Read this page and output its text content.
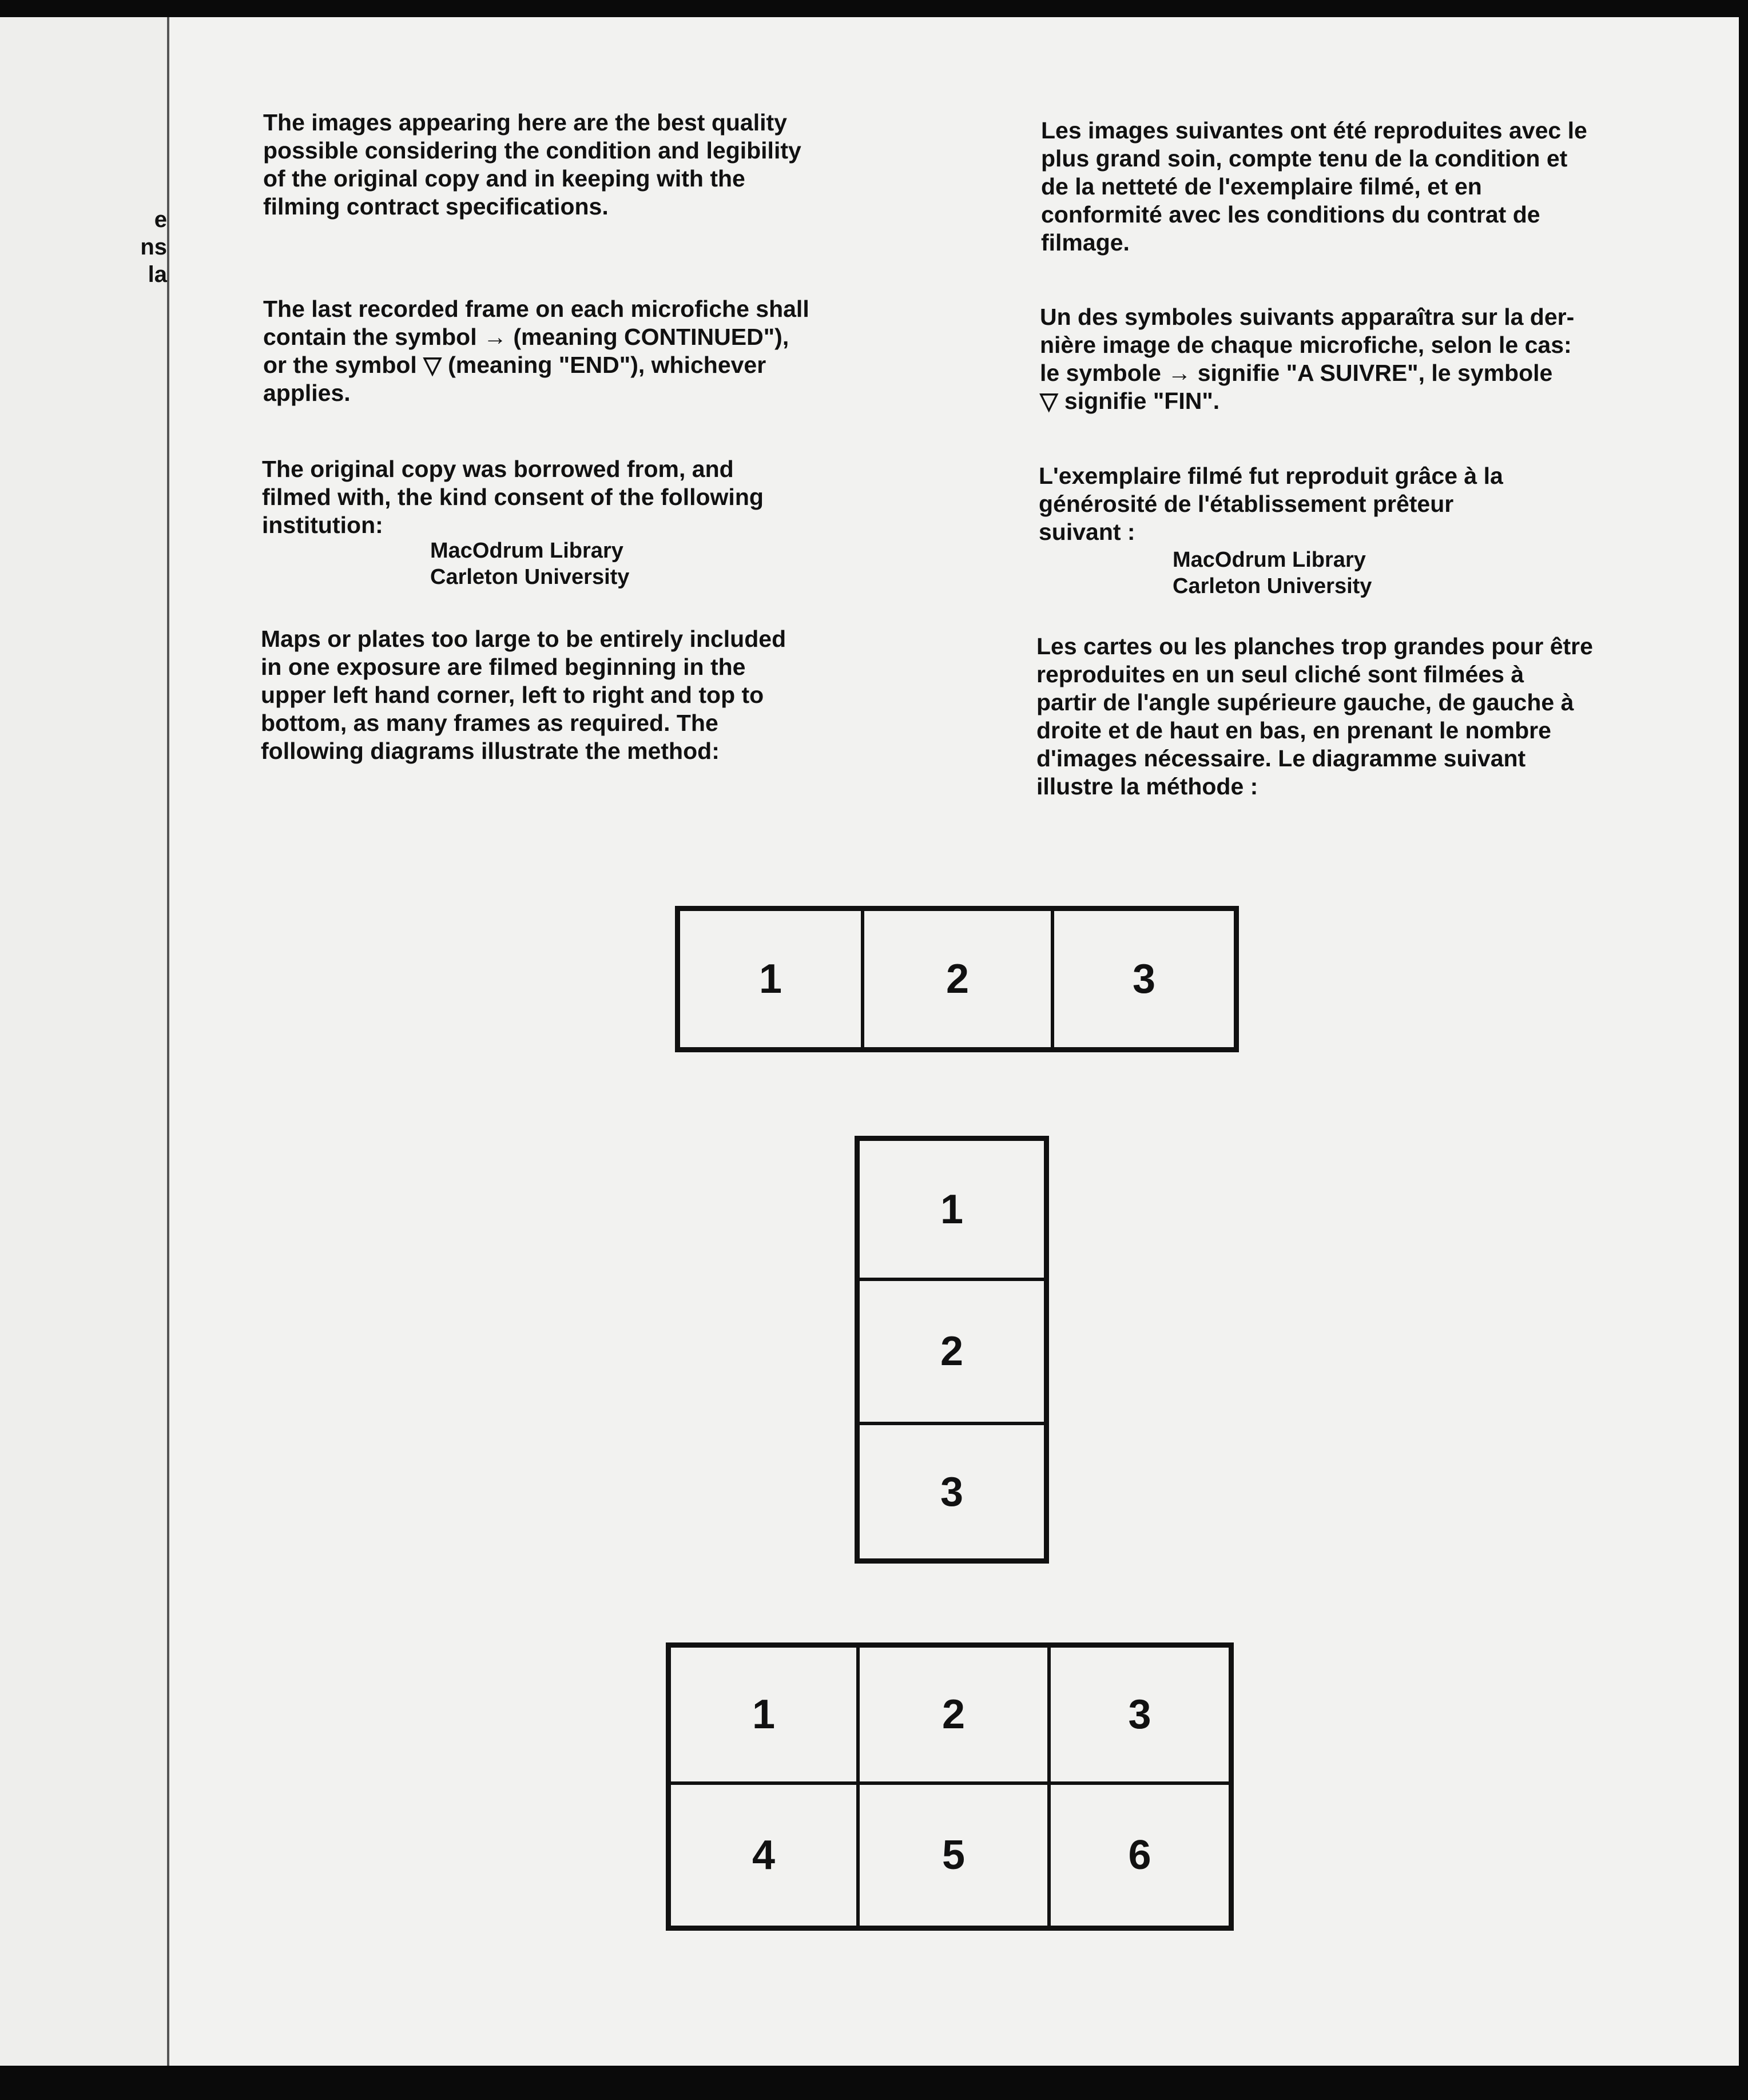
e
ns
la

The images appearing here are the best quality
possible considering the condition and legibility
of the original copy and in keeping with the
filming contract specifications.

The last recorded frame on each microfiche shall
contain the symbol → (meaning CONTINUED"),
or the symbol ▽ (meaning "END"), whichever
applies.

The original copy was borrowed from, and
filmed with, the kind consent of the following
institution:

MacOdrum Library
Carleton University

Maps or plates too large to be entirely included
in one exposure are filmed beginning in the
upper left hand corner, left to right and top to
bottom, as many frames as required. The
following diagrams illustrate the method:

Les images suivantes ont été reproduites avec le
plus grand soin, compte tenu de la condition et
de la netteté de l'exemplaire filmé, et en
conformité avec les conditions du contrat de
filmage.

Un des symboles suivants apparaîtra sur la der-
nière image de chaque microfiche, selon le cas:
le symbole → signifie "A SUIVRE", le symbole
▽ signifie "FIN".

L'exemplaire filmé fut reproduit grâce à la
générosité de l'établissement prêteur
suivant :

MacOdrum Library
Carleton University

Les cartes ou les planches trop grandes pour être
reproduites en un seul cliché sont filmées à
partir de l'angle supérieure gauche, de gauche à
droite et de haut en bas, en prenant le nombre
d'images nécessaire. Le diagramme suivant
illustre la méthode :

1	2	3
1
2
3
1	2	3
4	5	6
